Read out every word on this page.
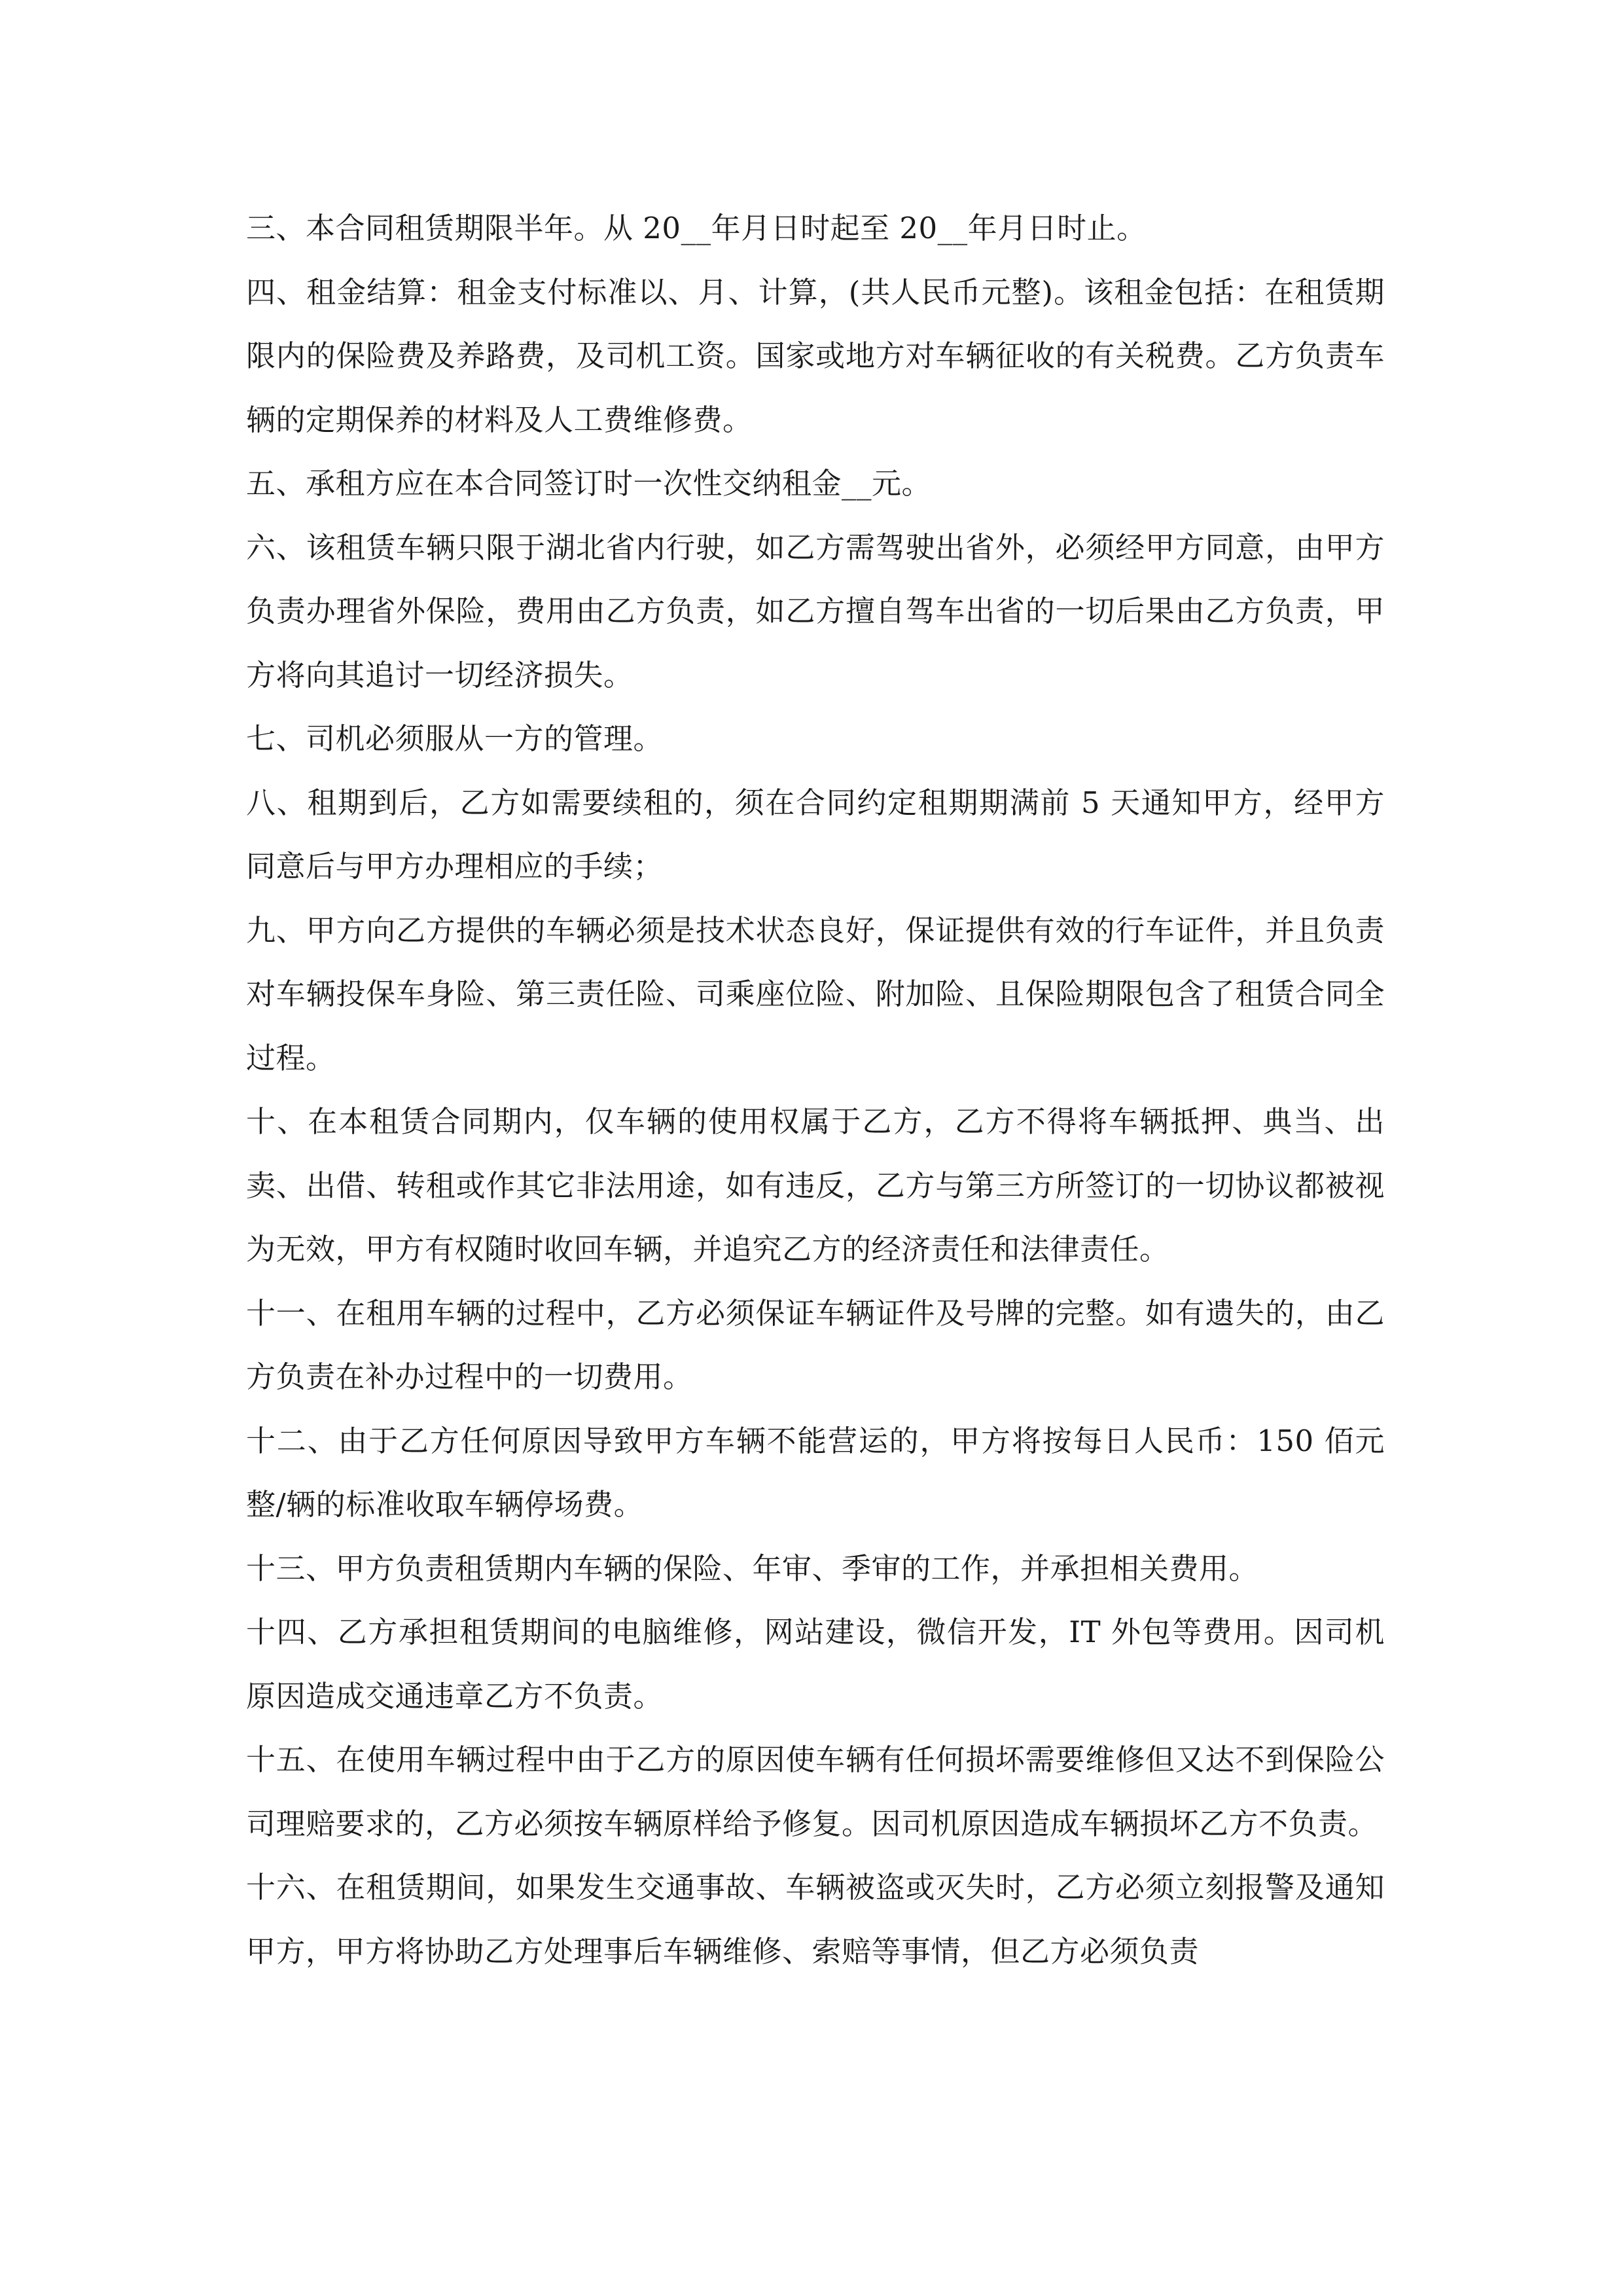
三、本合同租赁期限半年。从 20__年月日时起至 20__年月日时止。

四、租金结算：租金支付标准以、月、计算，(共人民币元整)。该租金包括：在租赁期限内的保险费及养路费，及司机工资。国家或地方对车辆征收的有关税费。乙方负责车辆的定期保养的材料及人工费维修费。

五、承租方应在本合同签订时一次性交纳租金__元。

六、该租赁车辆只限于湖北省内行驶，如乙方需驾驶出省外，必须经甲方同意，由甲方负责办理省外保险，费用由乙方负责，如乙方擅自驾车出省的一切后果由乙方负责，甲方将向其追讨一切经济损失。

七、司机必须服从一方的管理。

八、租期到后，乙方如需要续租的，须在合同约定租期期满前 5 天通知甲方，经甲方同意后与甲方办理相应的手续；

九、甲方向乙方提供的车辆必须是技术状态良好，保证提供有效的行车证件，并且负责对车辆投保车身险、第三责任险、司乘座位险、附加险、且保险期限包含了租赁合同全过程。

十、在本租赁合同期内，仅车辆的使用权属于乙方，乙方不得将车辆抵押、典当、出卖、出借、转租或作其它非法用途，如有违反，乙方与第三方所签订的一切协议都被视为无效，甲方有权随时收回车辆，并追究乙方的经济责任和法律责任。

十一、在租用车辆的过程中，乙方必须保证车辆证件及号牌的完整。如有遗失的，由乙方负责在补办过程中的一切费用。

十二、由于乙方任何原因导致甲方车辆不能营运的，甲方将按每日人民币：150 佰元整/辆的标准收取车辆停场费。

十三、甲方负责租赁期内车辆的保险、年审、季审的工作，并承担相关费用。

十四、乙方承担租赁期间的电脑维修，网站建设，微信开发，IT 外包等费用。因司机原因造成交通违章乙方不负责。

十五、在使用车辆过程中由于乙方的原因使车辆有任何损坏需要维修但又达不到保险公司理赔要求的，乙方必须按车辆原样给予修复。因司机原因造成车辆损坏乙方不负责。

十六、在租赁期间，如果发生交通事故、车辆被盗或灭失时，乙方必须立刻报警及通知甲方，甲方将协助乙方处理事后车辆维修、索赔等事情，但乙方必须负责
